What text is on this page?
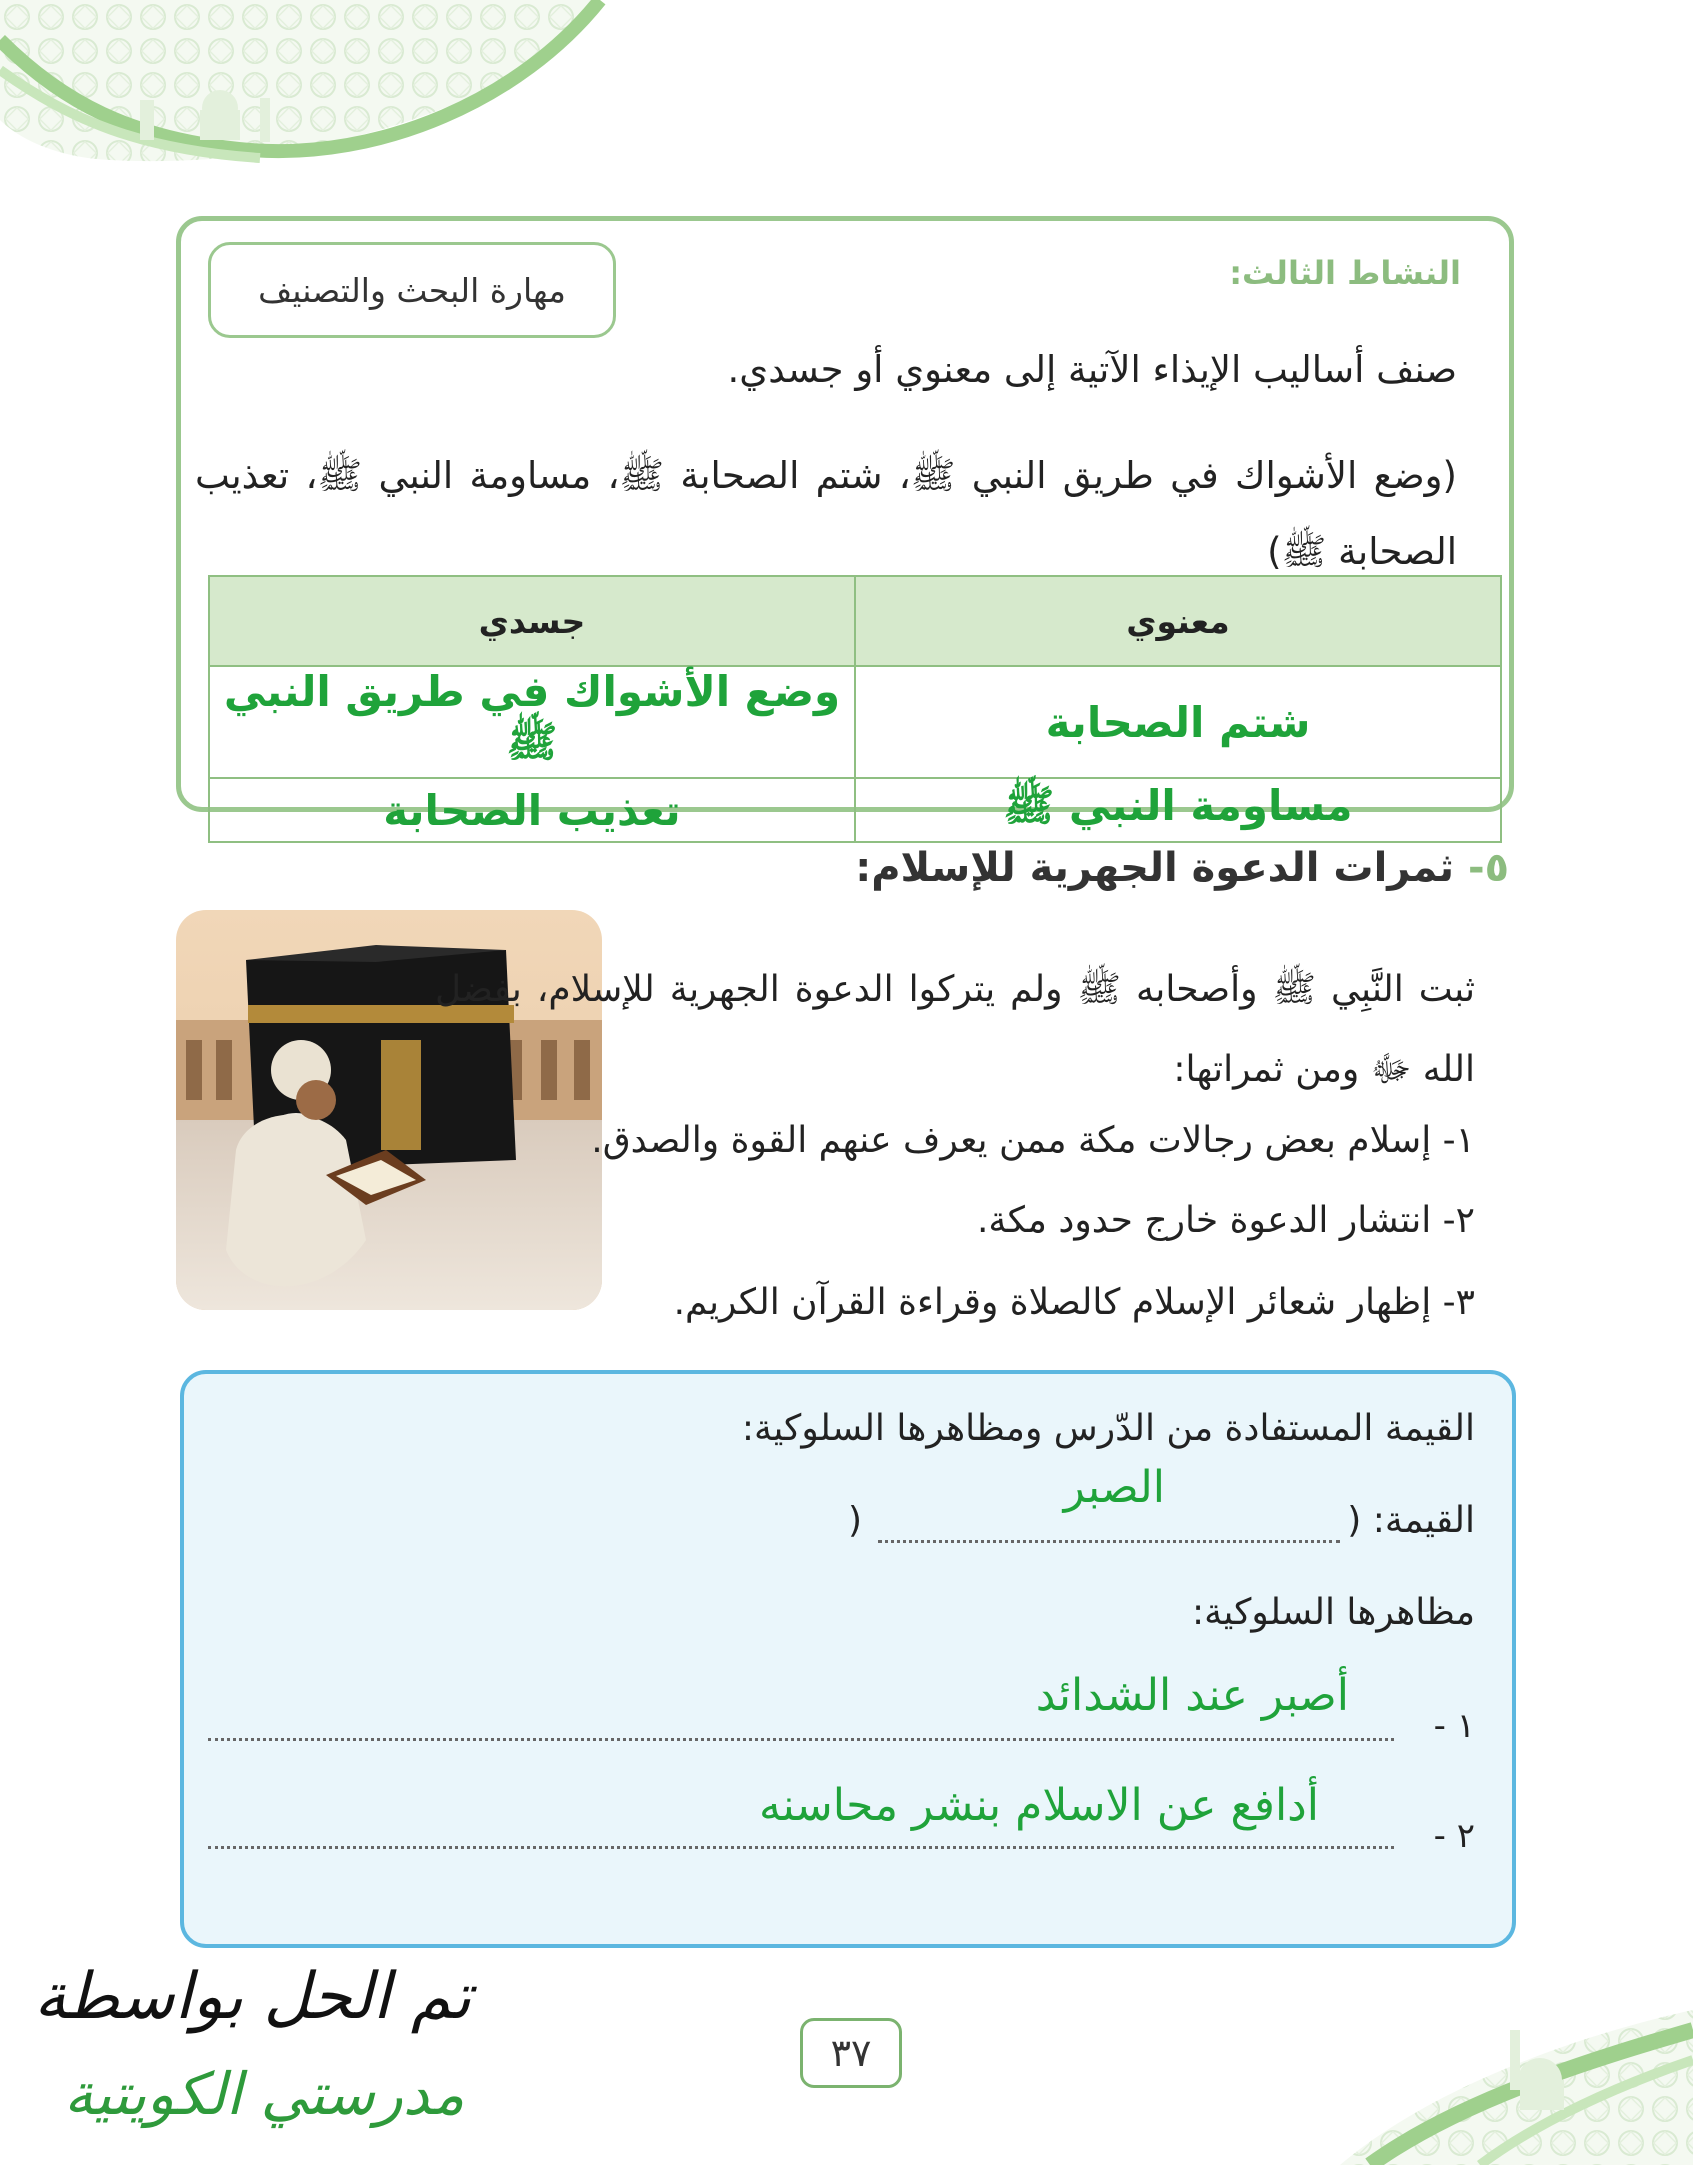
مهارة البحث والتصنيف	النشاط الثالث:
صنف أساليب الإيذاء الآتية إلى معنوي أو جسدي.
(وضع الأشواك في طريق النبي ﷺ، شتم الصحابة ﷺ، مساومة النبي ﷺ، تعذيب الصحابة ﷺ)
معنوي	جسدي
شتم الصحابة	وضع الأشواك في طريق النبي ﷺ
مساومة النبي ﷺ	تعذيب الصحابة
٥- ثمرات الدعوة الجهرية للإسلام:
ثبت النَّبِي ﷺ وأصحابه ﷺ ولم يتركوا الدعوة الجهرية للإسلام، بفضل الله ﷻ ومن ثمراتها:
١- إسلام بعض رجالات مكة ممن يعرف عنهم القوة والصدق.
٢- انتشار الدعوة خارج حدود مكة.
٣- إظهار شعائر الإسلام كالصلاة وقراءة القرآن الكريم.
القيمة المستفادة من الدّرس ومظاهرها السلوكية:
القيمة: (
)
الصبر
مظاهرها السلوكية:
١ -
أصبر عند الشدائد
٢ -
أدافع عن الاسلام بنشر محاسنه
٣٧
تم الحل بواسطة
مدرستي الكويتية
